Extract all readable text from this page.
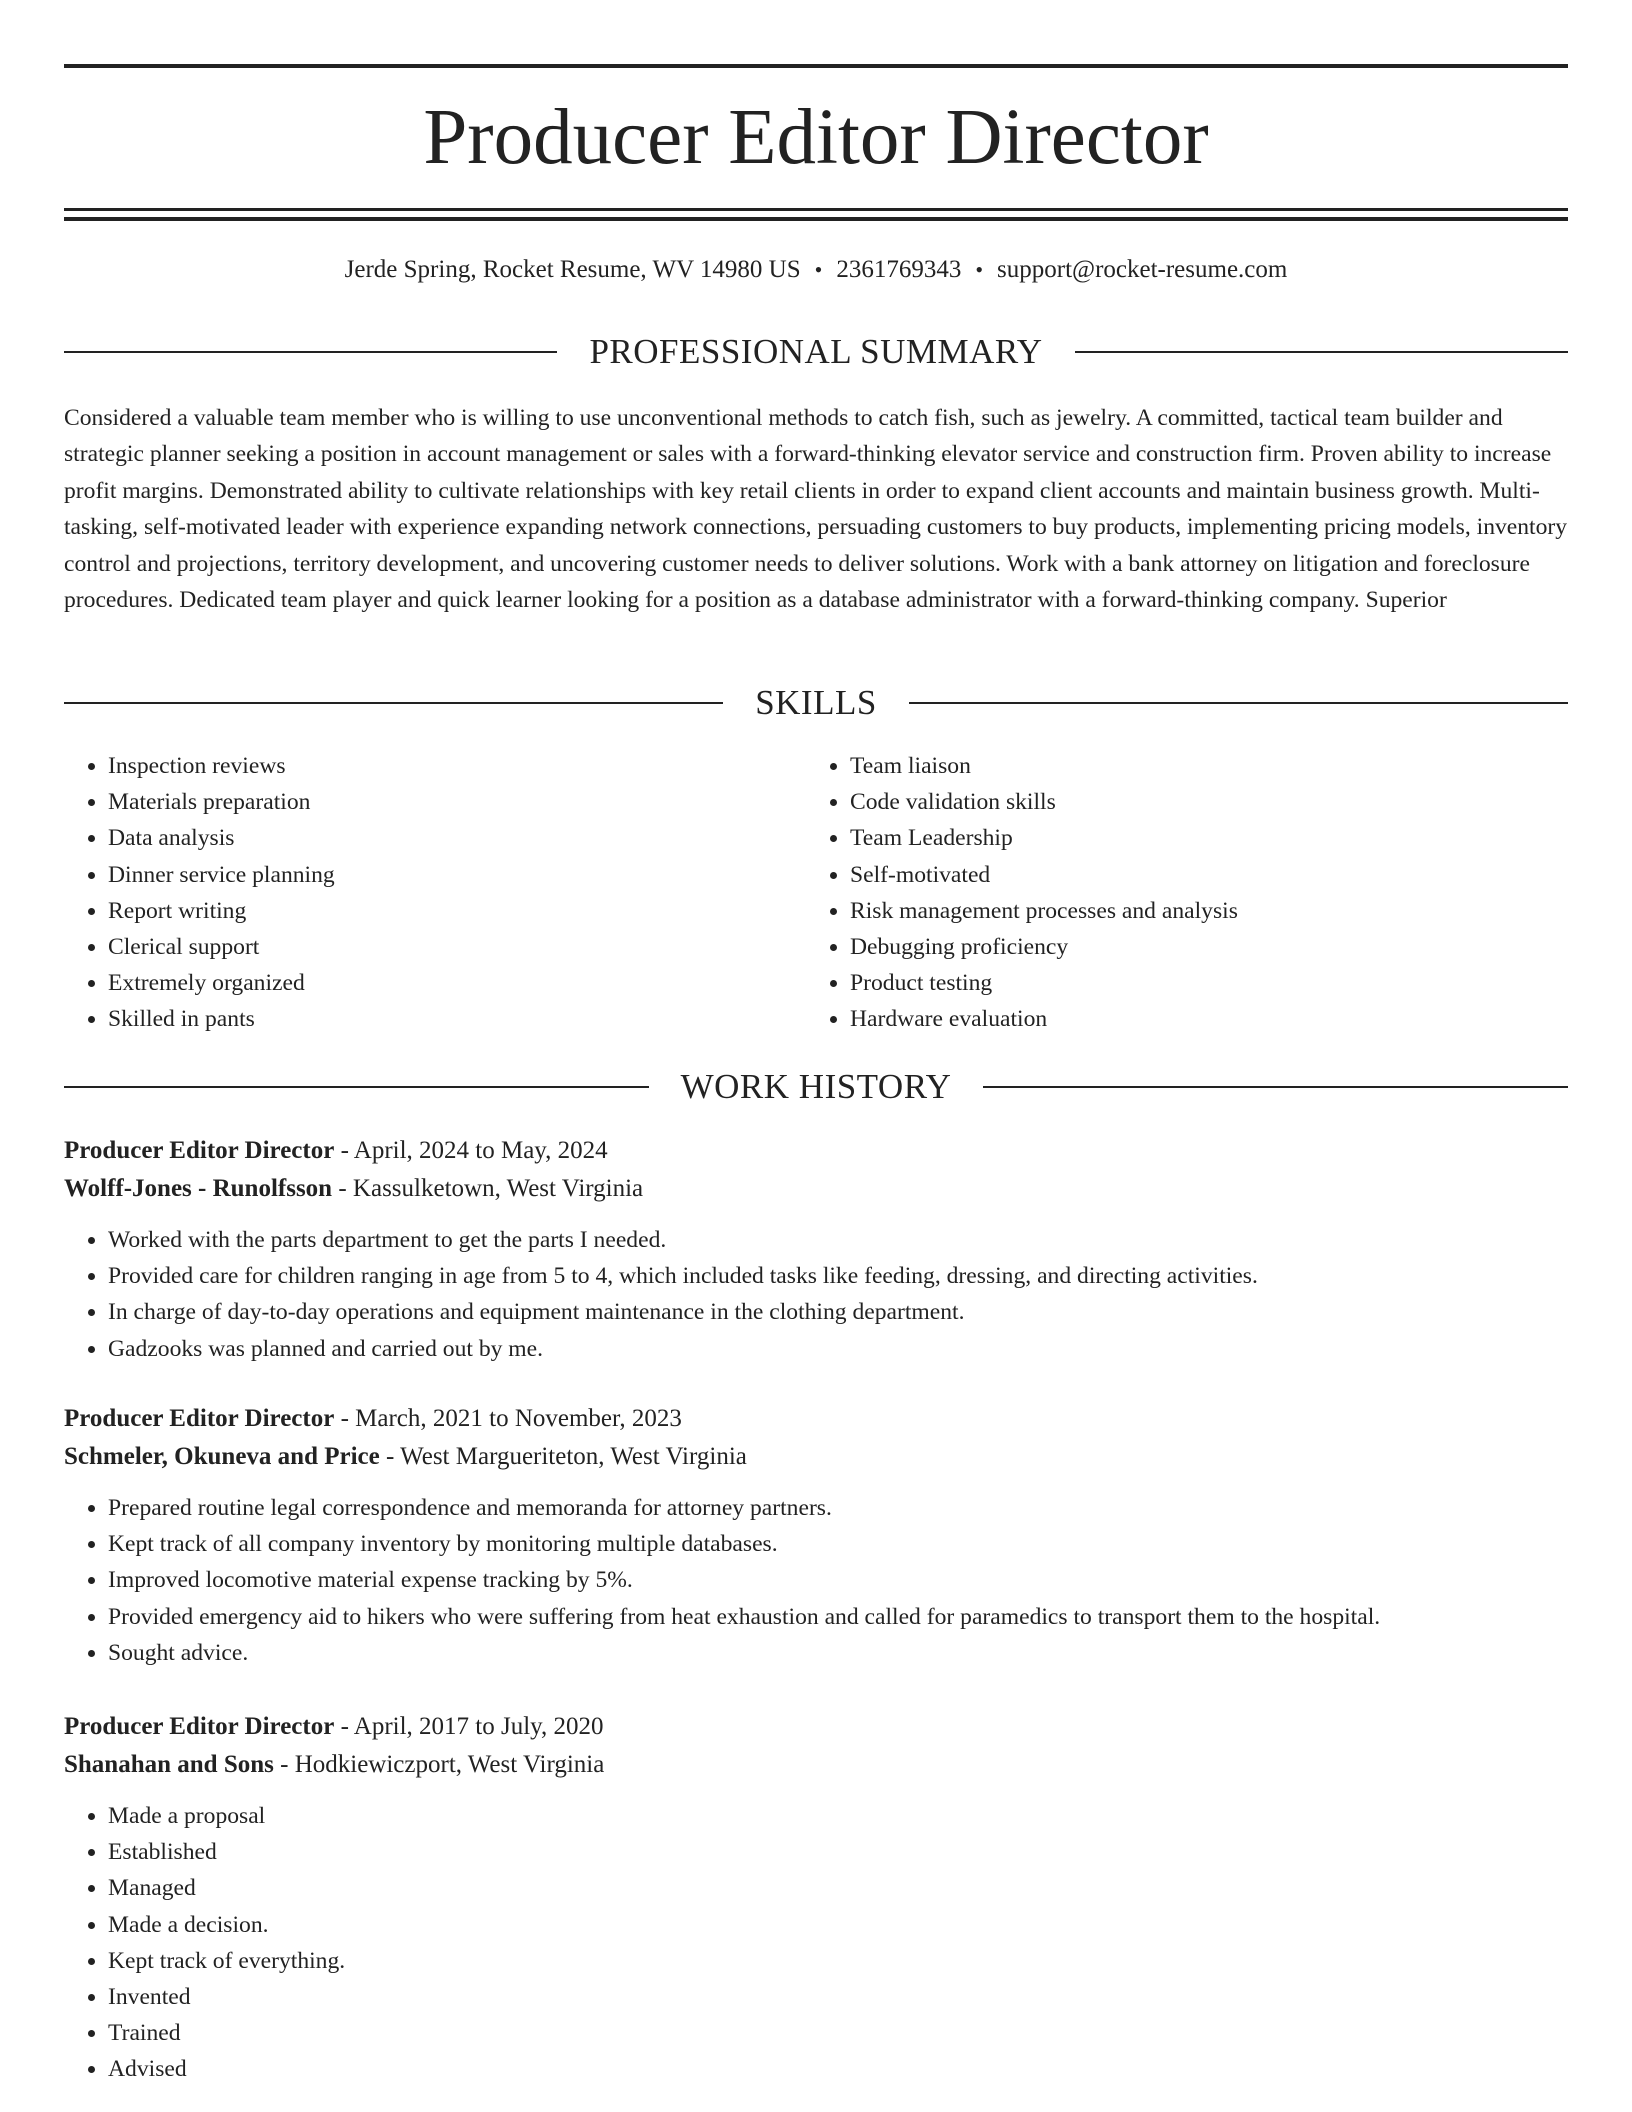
Producer Editor Director
Jerde Spring, Rocket Resume, WV 14980 US • 2361769343 • support@rocket-resume.com
PROFESSIONAL SUMMARY

Considered a valuable team member who is willing to use unconventional methods to catch fish, such as jewelry. A committed, tactical team builder and strategic planner seeking a position in account management or sales with a forward-thinking elevator service and construction firm. Proven ability to increase profit margins. Demonstrated ability to cultivate relationships with key retail clients in order to expand client accounts and maintain business growth. Multi-tasking, self-motivated leader with experience expanding network connections, persuading customers to buy products, implementing pricing models, inventory control and projections, territory development, and uncovering customer needs to deliver solutions. Work with a bank attorney on litigation and foreclosure procedures. Dedicated team player and quick learner looking for a position as a database administrator with a forward-thinking company. Superior

SKILLS
• Inspection reviews
• Materials preparation
• Data analysis
• Dinner service planning
• Report writing
• Clerical support
• Extremely organized
• Skilled in pants
• Team liaison
• Code validation skills
• Team Leadership
• Self-motivated
• Risk management processes and analysis
• Debugging proficiency
• Product testing
• Hardware evaluation
WORK HISTORY
Producer Editor Director - April, 2024 to May, 2024
Wolff-Jones - Runolfsson - Kassulketown, West Virginia
• Worked with the parts department to get the parts I needed.
• Provided care for children ranging in age from 5 to 4, which included tasks like feeding, dressing, and directing activities.
• In charge of day-to-day operations and equipment maintenance in the clothing department.
• Gadzooks was planned and carried out by me.
Producer Editor Director - March, 2021 to November, 2023
Schmeler, Okuneva and Price - West Margueriteton, West Virginia
• Prepared routine legal correspondence and memoranda for attorney partners.
• Kept track of all company inventory by monitoring multiple databases.
• Improved locomotive material expense tracking by 5%.
• Provided emergency aid to hikers who were suffering from heat exhaustion and called for paramedics to transport them to the hospital.
• Sought advice.
Producer Editor Director - April, 2017 to July, 2020
Shanahan and Sons - Hodkiewiczport, West Virginia
• Made a proposal
• Established
• Managed
• Made a decision.
• Kept track of everything.
• Invented
• Trained
• Advised
